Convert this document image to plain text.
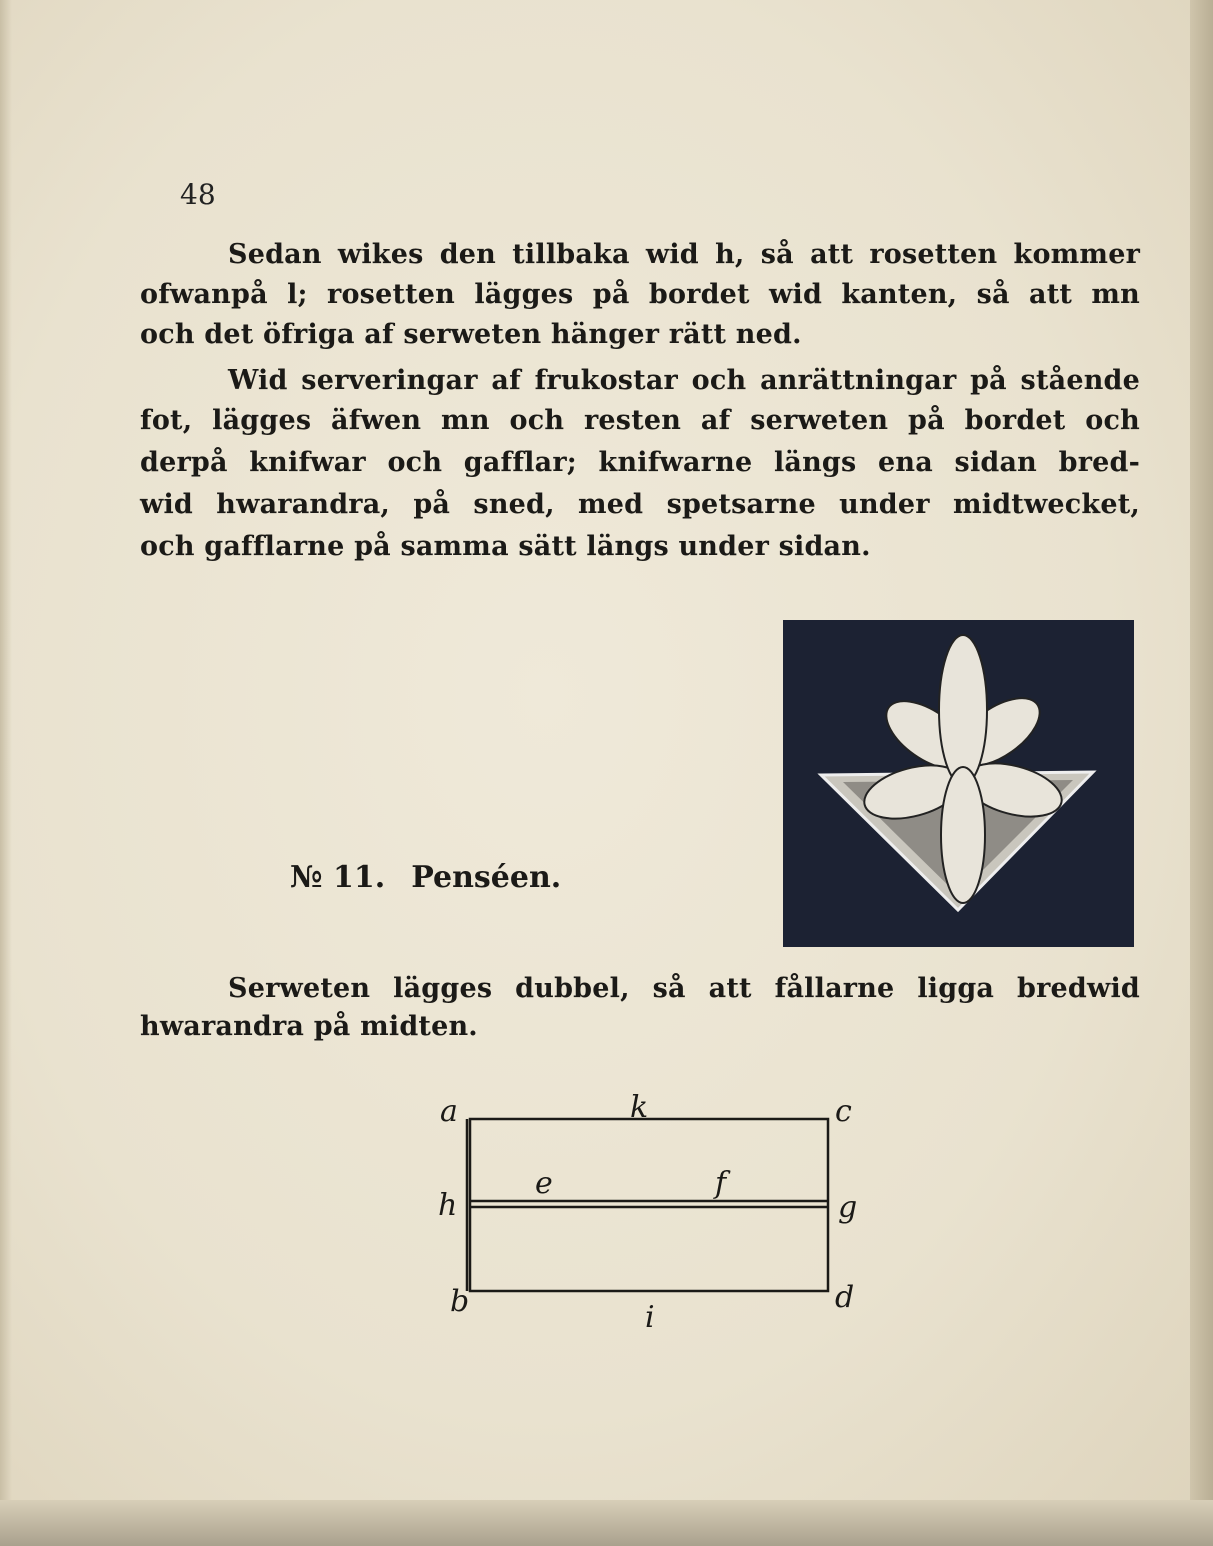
48
Sedan wikes den tillbaka wid h, så att rosetten kommer
ofwanpå l; rosetten lägges på bordet wid kanten, så att mn
och det öfriga af serweten hänger rätt ned.
Wid serveringar af frukostar och anrättningar på stående
fot, lägges äfwen mn och resten af serweten på bordet och
derpå knifwar och gafflar; knifwarne längs ena sidan bred-
wid hwarandra, på sned, med spetsarne under midtwecket,
och gafflarne på samma sätt längs under sidan.
№ 11. Penséen.
Serweten lägges dubbel, så att fållarne ligga bredwid
hwarandra på midten.
a	k	c
h
e	f
g
b	i
d
